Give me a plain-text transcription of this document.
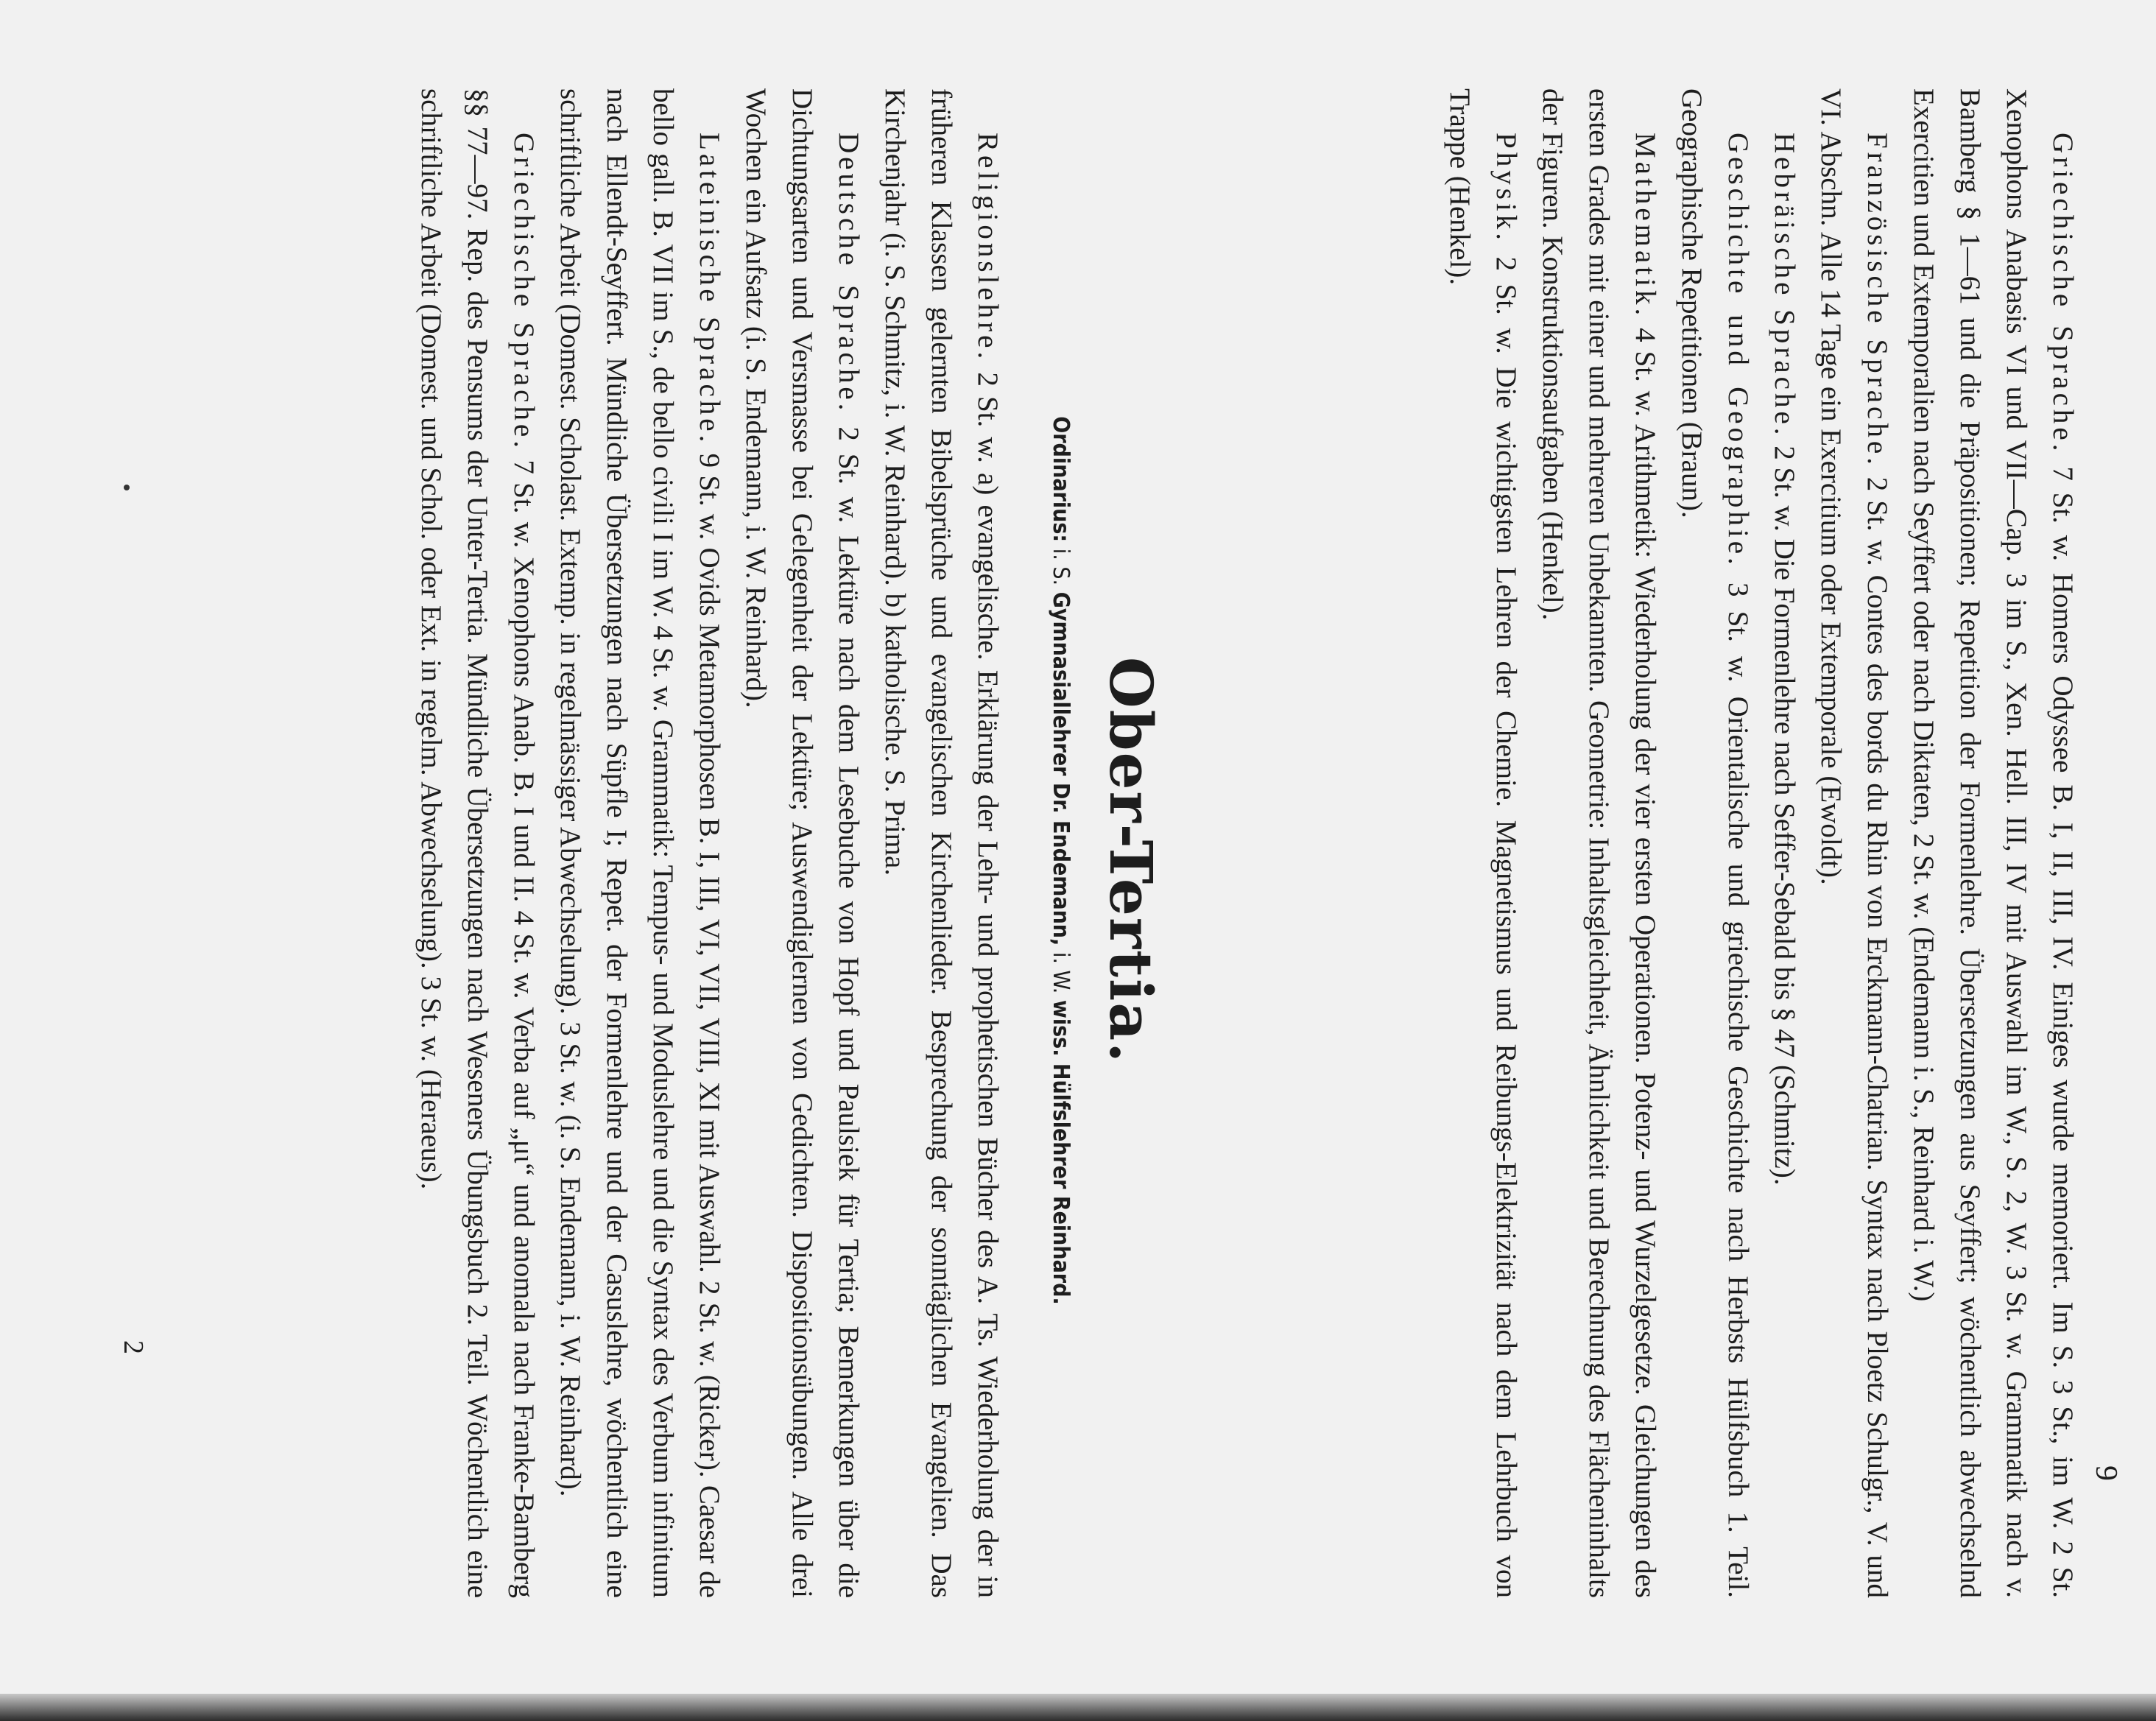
9

Griechische Sprache. 7 St. w. Homers Odyssee B. I, II, III, IV. Einiges wurde memoriert. Im S. 3 St., im W. 2 St. Xenophons Anabasis VI und VII—Cap. 3 im S., Xen. Hell. III, IV mit Auswahl im W., S. 2, W. 3 St. w. Grammatik nach v. Bamberg § 1—61 und die Präpositionen; Repetition der Formenlehre. Übersetzungen aus Seyffert; wöchentlich abwechselnd Exercitien und Extemporalien nach Seyffert oder nach Diktaten, 2 St. w. (Endemann i. S., Reinhard i. W.)

Französische Sprache. 2 St. w. Contes des bords du Rhin von Erckmann-Chatrian. Syntax nach Ploetz Schulgr., V. und VI. Abschn. Alle 14 Tage ein Exercitium oder Extemporale (Ewoldt).

Hebräische Sprache. 2 St. w. Die Formenlehre nach Seffer-Sebald bis § 47 (Schmitz).

Geschichte und Geographie. 3 St. w. Orientalische und griechische Geschichte nach Herbsts Hülfsbuch 1. Teil. Geographische Repetitionen (Braun).

Mathematik. 4 St. w. Arithmetik: Wiederholung der vier ersten Operationen. Potenz- und Wurzelgesetze. Gleichungen des ersten Grades mit einer und mehreren Unbekannten. Geometrie: Inhaltsgleichheit, Ähnlichkeit und Berechnung des Flächeninhalts der Figuren. Konstruktionsaufgaben (Henkel).

Physik. 2 St. w. Die wichtigsten Lehren der Chemie. Magnetismus und Reibungs-Elektrizität nach dem Lehrbuch von Trappe (Henkel).

Ober-Tertia.
Ordinarius: i. S. Gymnasiallehrer Dr. Endemann, i. W. wiss. Hülfslehrer Reinhard.

Religionslehre. 2 St. w. a) evangelische. Erklärung der Lehr- und prophetischen Bücher des A. Ts. Wiederholung der in früheren Klassen gelernten Bibelsprüche und evangelischen Kirchenlieder. Besprechung der sonntäglichen Evangelien. Das Kirchenjahr (i. S. Schmitz, i. W. Reinhard). b) katholische. S. Prima.

Deutsche Sprache. 2 St. w. Lektüre nach dem Lesebuche von Hopf und Paulsiek für Tertia; Bemerkungen über die Dichtungsarten und Versmasse bei Gelegenheit der Lektüre; Auswendiglernen von Gedichten. Dispositionsübungen. Alle drei Wochen ein Aufsatz (i. S. Endemann, i. W. Reinhard).

Lateinische Sprache. 9 St. w. Ovids Metamorphosen B. I, III, VI, VII, VIII, XI mit Auswahl. 2 St. w. (Ricker). Caesar de bello gall. B. VII im S., de bello civili I im W. 4 St. w. Grammatik: Tempus- und Moduslehre und die Syntax des Verbum infinitum nach Ellendt-Seyffert. Mündliche Übersetzungen nach Süpfle I; Repet. der Formenlehre und der Casuslehre, wöchentlich eine schriftliche Arbeit (Domest. Scholast. Extemp. in regelmässiger Abwechselung). 3 St. w. (i. S. Endemann, i. W. Reinhard).

Griechische Sprache. 7 St. w. Xenophons Anab. B. I und II. 4 St. w. Verba auf „μι“ und anomala nach Franke-Bamberg §§ 77—97. Rep. des Pensums der Unter-Tertia. Mündliche Übersetzungen nach Weseners Übungsbuch 2. Teil. Wöchentlich eine schriftliche Arbeit (Domest. und Schol. oder Ext. in regelm. Abwechselung). 3 St. w. (Heraeus).

2
